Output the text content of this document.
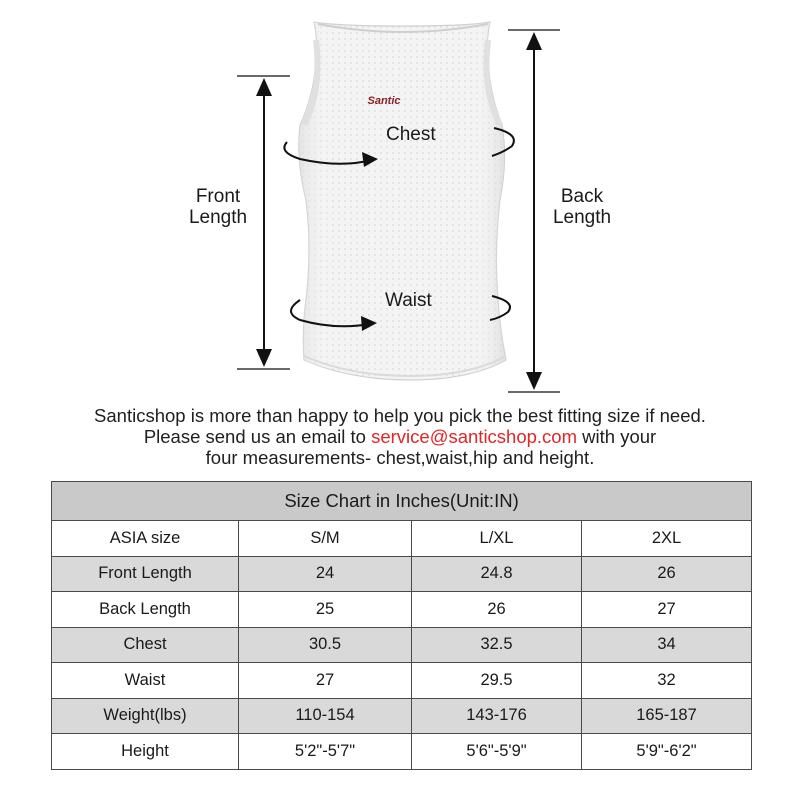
Santic
Front
Length
Back
Length
Chest
Waist
Santicshop is more than happy to help you pick the best fitting size if need.
Please send us an email to service@santicshop.com with your
four measurements- chest,waist,hip and height.
Size Chart in Inches(Unit:IN)			
ASIA size	S/M	L/XL	2XL
Front Length	24	24.8	26
Back Length	25	26	27
Chest	30.5	32.5	34
Waist	27	29.5	32
Weight(lbs)	110-154	143-176	165-187
Height	5'2"-5'7"	5'6"-5'9"	5'9"-6'2"
